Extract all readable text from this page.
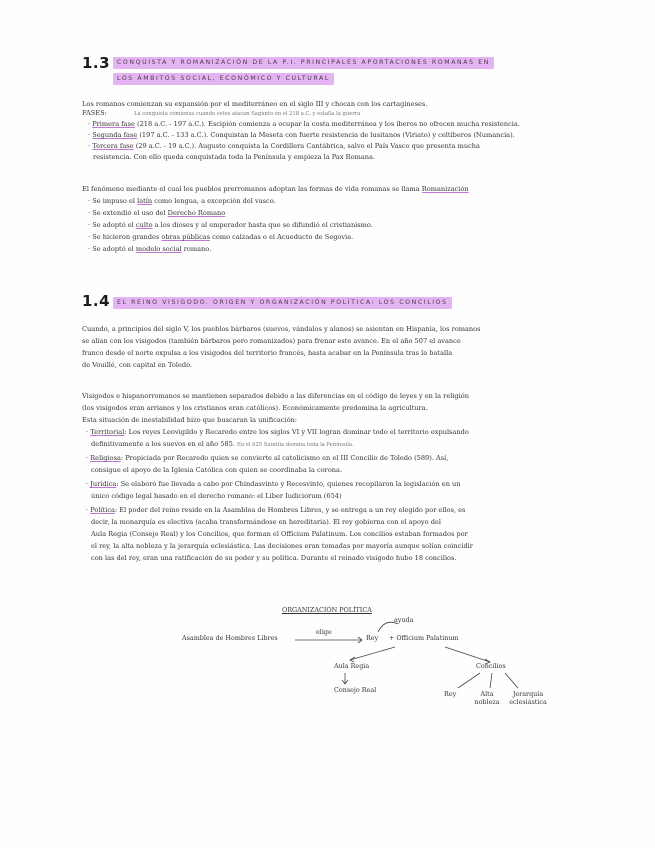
1.3	CONQUISTA Y ROMANIZACIÓN DE LA P.I. PRINCIPALES APORTACIONES ROMANAS EN
LOS ÁMBITOS SOCIAL, ECONÓMICO Y CULTURAL
Los romanos comienzan su expansión por el mediterráneo en el siglo III y chocan con los cartagineses.
FASES:	La conquista comienza cuando estos atacan Sagunto en el 218 a.C. y estalla la guerra
· Primera fase (218 a.C. - 197 a.C.). Escipión comienza a ocupar la costa mediterránea y los íberos no ofrecen mucha resistencia.
· Segunda fase (197 a.C. - 133 a.C.). Conquistan la Meseta con fuerte resistencia de lusitanos (Viriato) y celtíberos (Numancia).
· Tercera fase (29 a.C. - 19 a.C.). Augusto conquista la Cordillera Cantábrica, salvo el País Vasco que presenta mucha
resistencia. Con ello queda conquistada toda la Península y empieza la Pax Romana.
El fenómeno mediante el cual los pueblos prerromanos adoptan las formas de vida romanas se llama Romanización
· Se impuso el latín como lengua, a excepción del vasco.
· Se extendió el uso del Derecho Romano
· Se adoptó el culto a los dioses y al emperador hasta que se difundió el cristianismo.
· Se hicieron grandes obras públicas como calzadas o el Acueducto de Segovia.
· Se adoptó el modelo social romano.
1.4	EL REINO VISIGODO. ORIGEN Y ORGANIZACIÓN POLÍTICA: LOS CONCILIOS
Cuando, a principios del siglo V, los pueblos bárbaros (suevos, vándalos y alanos) se asientan en Hispania, los romanos
se alían con los visigodos (también bárbaros pero romanizados) para frenar este avance. En el año 507 el avance
franco desde el norte expulsa a los visigodos del territorio francés, hasta acabar en la Península tras la batalla
de Vouillé, con capital en Toledo.
Visigodos e hispanorromanos se mantienen separados debido a las diferencias en el código de leyes y en la religión
(los visigodos eran arrianos y los cristianos eran católicos). Económicamente predomina la agricultura.
Esta situación de inestabilidad hizo que buscaran la unificación:
· Territorial: Los reyes Leovigildo y Recaredo entre los siglos VI y VII logran dominar todo el territorio expulsando
definitivamente a los suevos en el año 585. En el 625 Suintila domina toda la Península.
· Religiosa: Propiciada por Recaredo quien se convierte al catolicismo en el III Concilio de Toledo (589). Así,
consigue el apoyo de la Iglesia Católica con quien se coordinaba la corona.
· Jurídica: Se elaboró fue llevada a cabo por Chindasvinto y Recesvinto, quienes recopilaron la legislación en un
único código legal basado en el derecho romano: el Liber Iudiciorum (654)
· Política: El poder del reino reside en la Asamblea de Hombres Libres, y se entrega a un rey elegido por ellos, es
decir, la monarquía es electiva (acaba transformándose en hereditaria). El rey gobierna con el apoyo del
Aula Regia (Consejo Real) y los Concilios, que forman el Officium Palatinum. Los concilios estaban formados por
el rey, la alta nobleza y la jerarquía eclesiástica. Las decisiones eran tomadas por mayoría aunque solían coincidir
con las del rey, eran una ratificación de su poder y su política. Durante el reinado visigodo hubo 18 concilios.
ORGANIZACIÓN POLÍTICA
Asamblea de Hombres Libres
elige
Rey
ayuda
+ Officium Palatinum
Aula Regia
Consejo Real
Concilios
Rey	Alta nobleza
Jerarquía eclesiástica
